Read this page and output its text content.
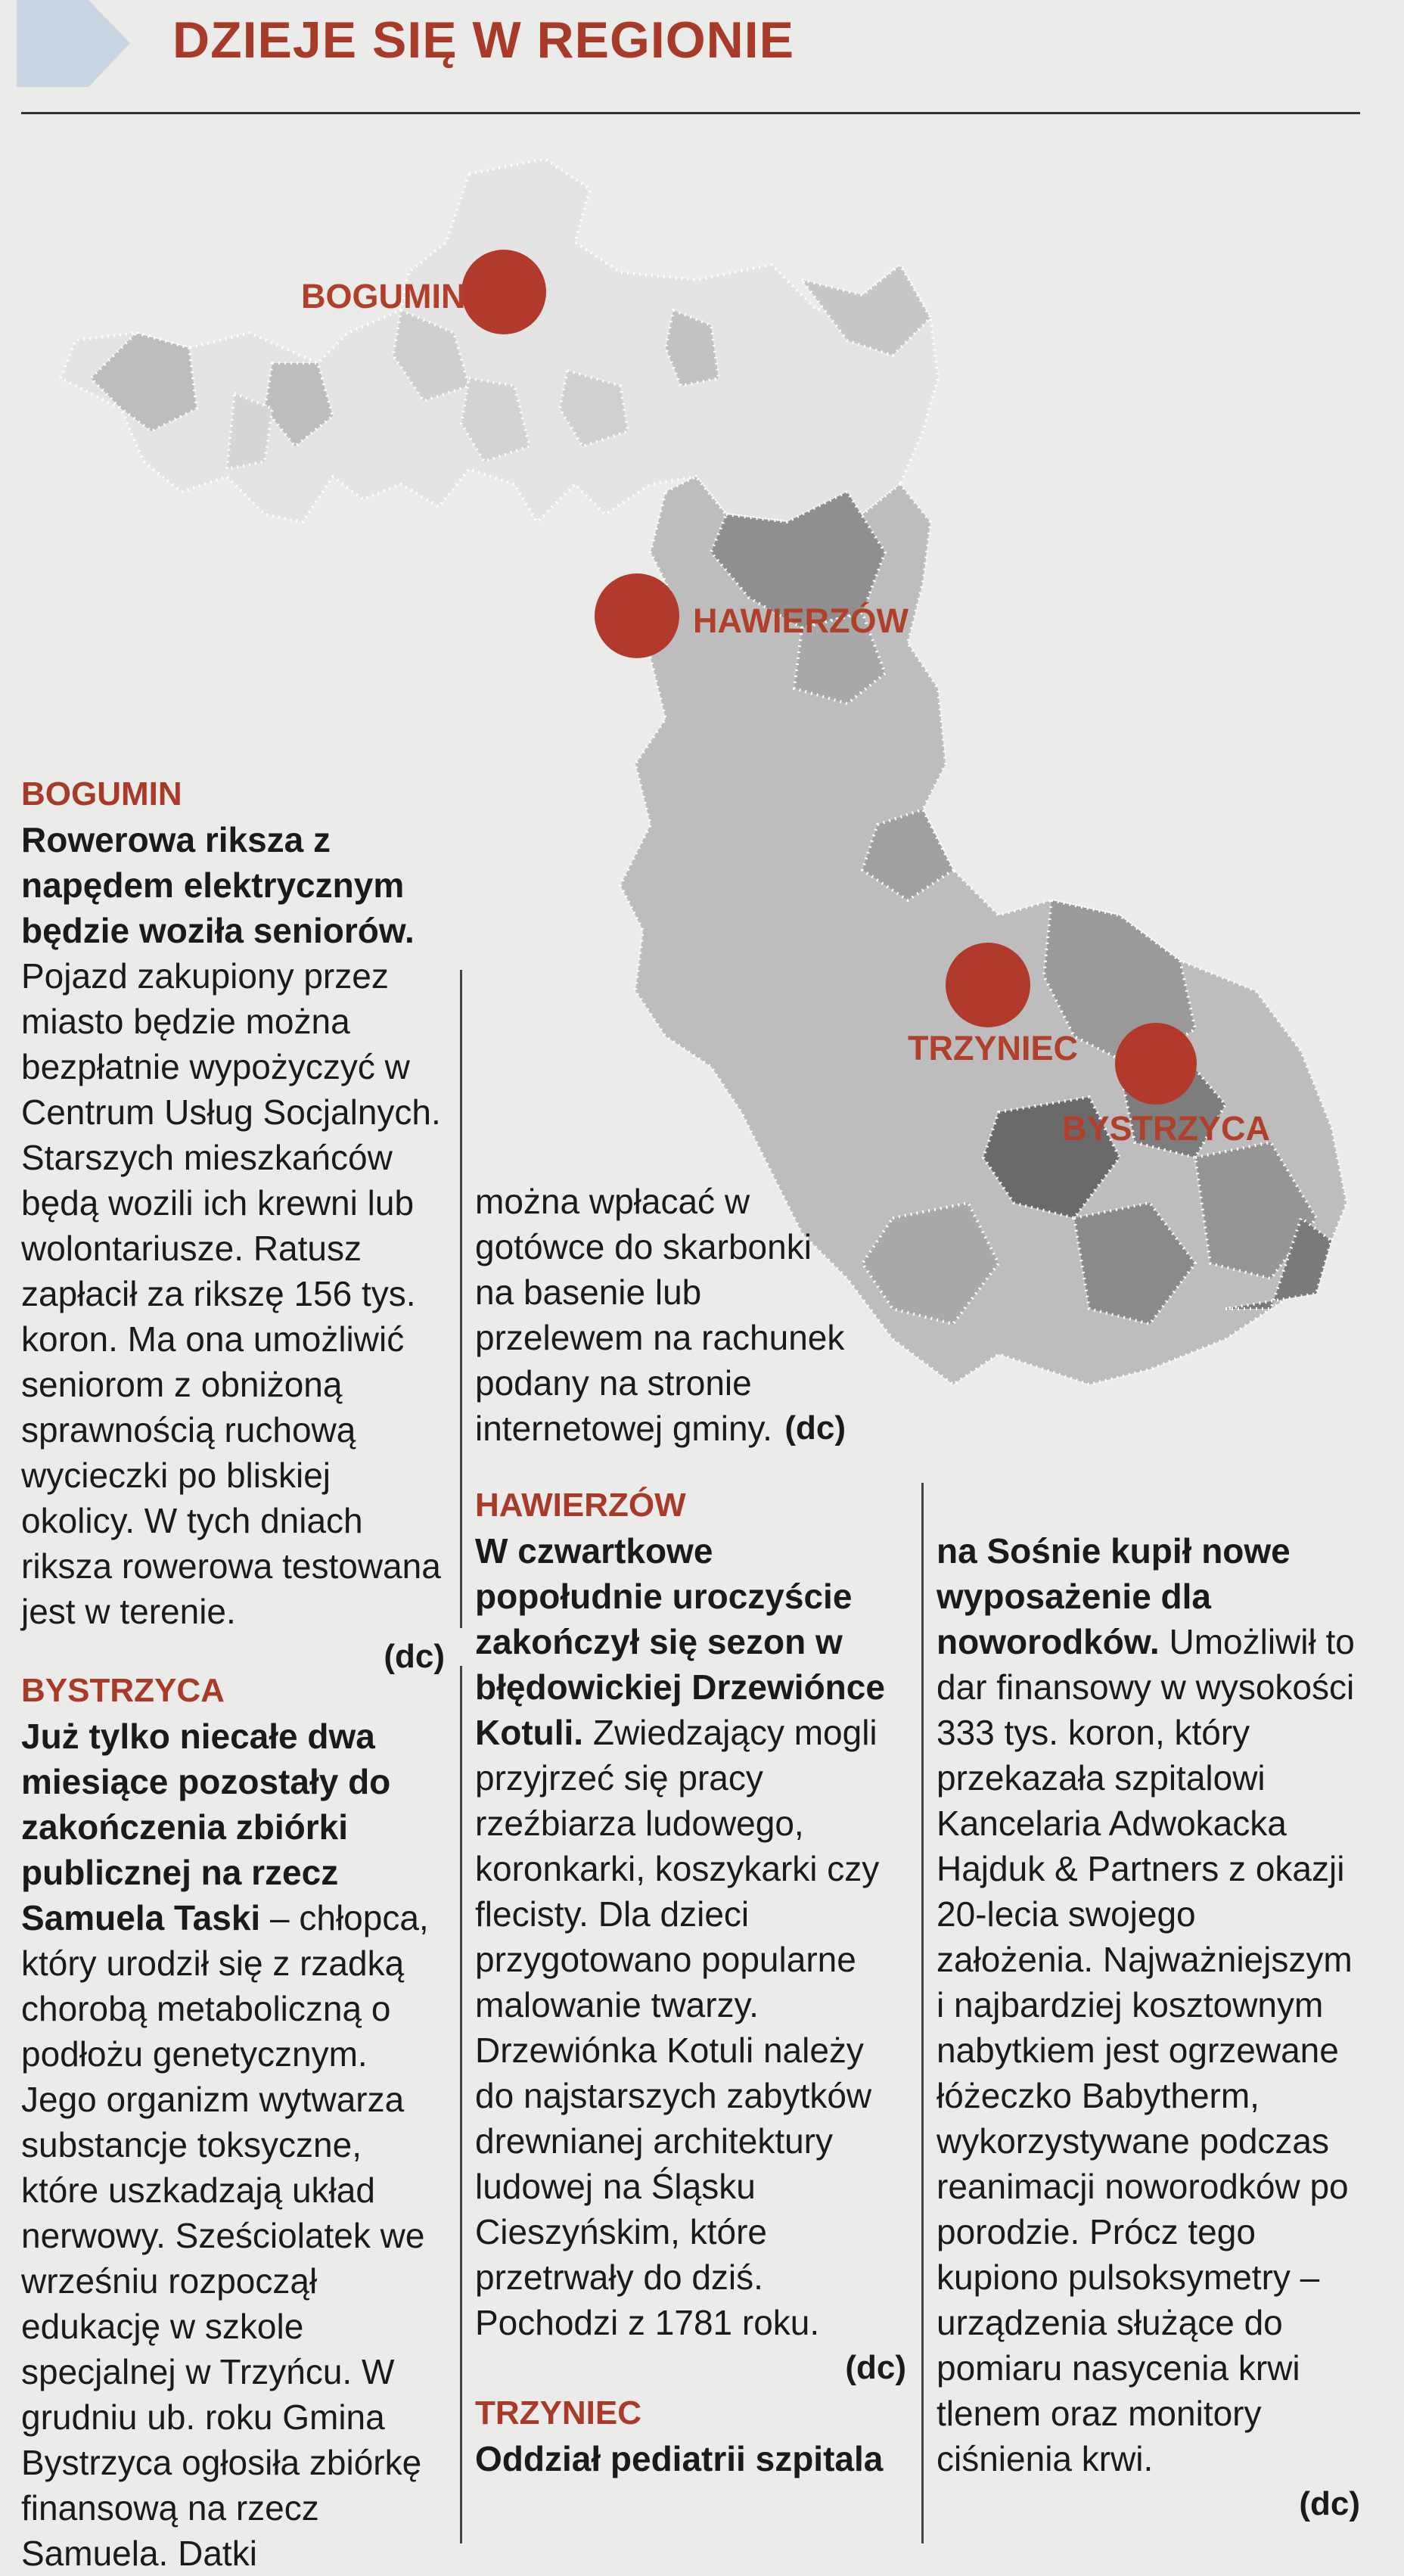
DZIEJE SIĘ W REGIONIE
BOGUMIN
HAWIERZÓW
TRZYNIEC
BYSTRZYCA

BOGUMIN

Rowerowa riksza z napędem elektrycznym będzie woziła seniorów. Pojazd zakupiony przez miasto będzie można bezpłatnie wypożyczyć w Centrum Usług Socjalnych. Starszych mieszkańców będą wozili ich krewni lub wolontariusze. Ratusz zapłacił za rikszę 156 tys. koron. Ma ona umożliwić seniorom z obniżoną sprawnością ruchową wycieczki po bliskiej okolicy. W tych dniach riksza rowerowa testowana jest w terenie.

(dc)

BYSTRZYCA

Już tylko niecałe dwa miesiące pozostały do zakończenia zbiórki publicznej na rzecz Samuela Taski – chłopca, który urodził się z rzadką chorobą metaboliczną o podłożu genetycznym. Jego organizm wytwarza substancje toksyczne, które uszkadzają układ nerwowy. Sześciolatek we wrześniu rozpoczął edukację w szkole specjalnej w Trzyńcu. W grudniu ub. roku Gmina Bystrzyca ogłosiła zbiórkę finansową na rzecz Samuela. Datki

można wpłacać w gotówce do skarbonki na basenie lub przelewem na rachunek podany na stronie internetowej gminy. (dc)

HAWIERZÓW

W czwartkowe popołudnie uroczyście zakończył się sezon w błędowickiej Drzewiónce Kotuli. Zwiedzający mogli przyjrzeć się pracy rzeźbiarza ludowego, koronkarki, koszykarki czy flecisty. Dla dzieci przygotowano popularne malowanie twarzy. Drzewiónka Kotuli należy do najstarszych zabytków drewnianej architektury ludowej na Śląsku Cieszyńskim, które przetrwały do dziś. Pochodzi z 1781 roku.

(dc)

TRZYNIEC

Oddział pediatrii szpitala

na Sośnie kupił nowe wyposażenie dla noworodków. Umożliwił to dar finansowy w wysokości 333 tys. koron, który przekazała szpitalowi Kancelaria Adwokacka Hajduk & Partners z okazji 20-lecia swojego założenia. Najważniejszym i najbardziej kosztownym nabytkiem jest ogrzewane łóżeczko Babytherm, wykorzystywane podczas reanimacji noworodków po porodzie. Prócz tego kupiono pulsoksymetry – urządzenia służące do pomiaru nasycenia krwi tlenem oraz monitory ciśnienia krwi.

(dc)
